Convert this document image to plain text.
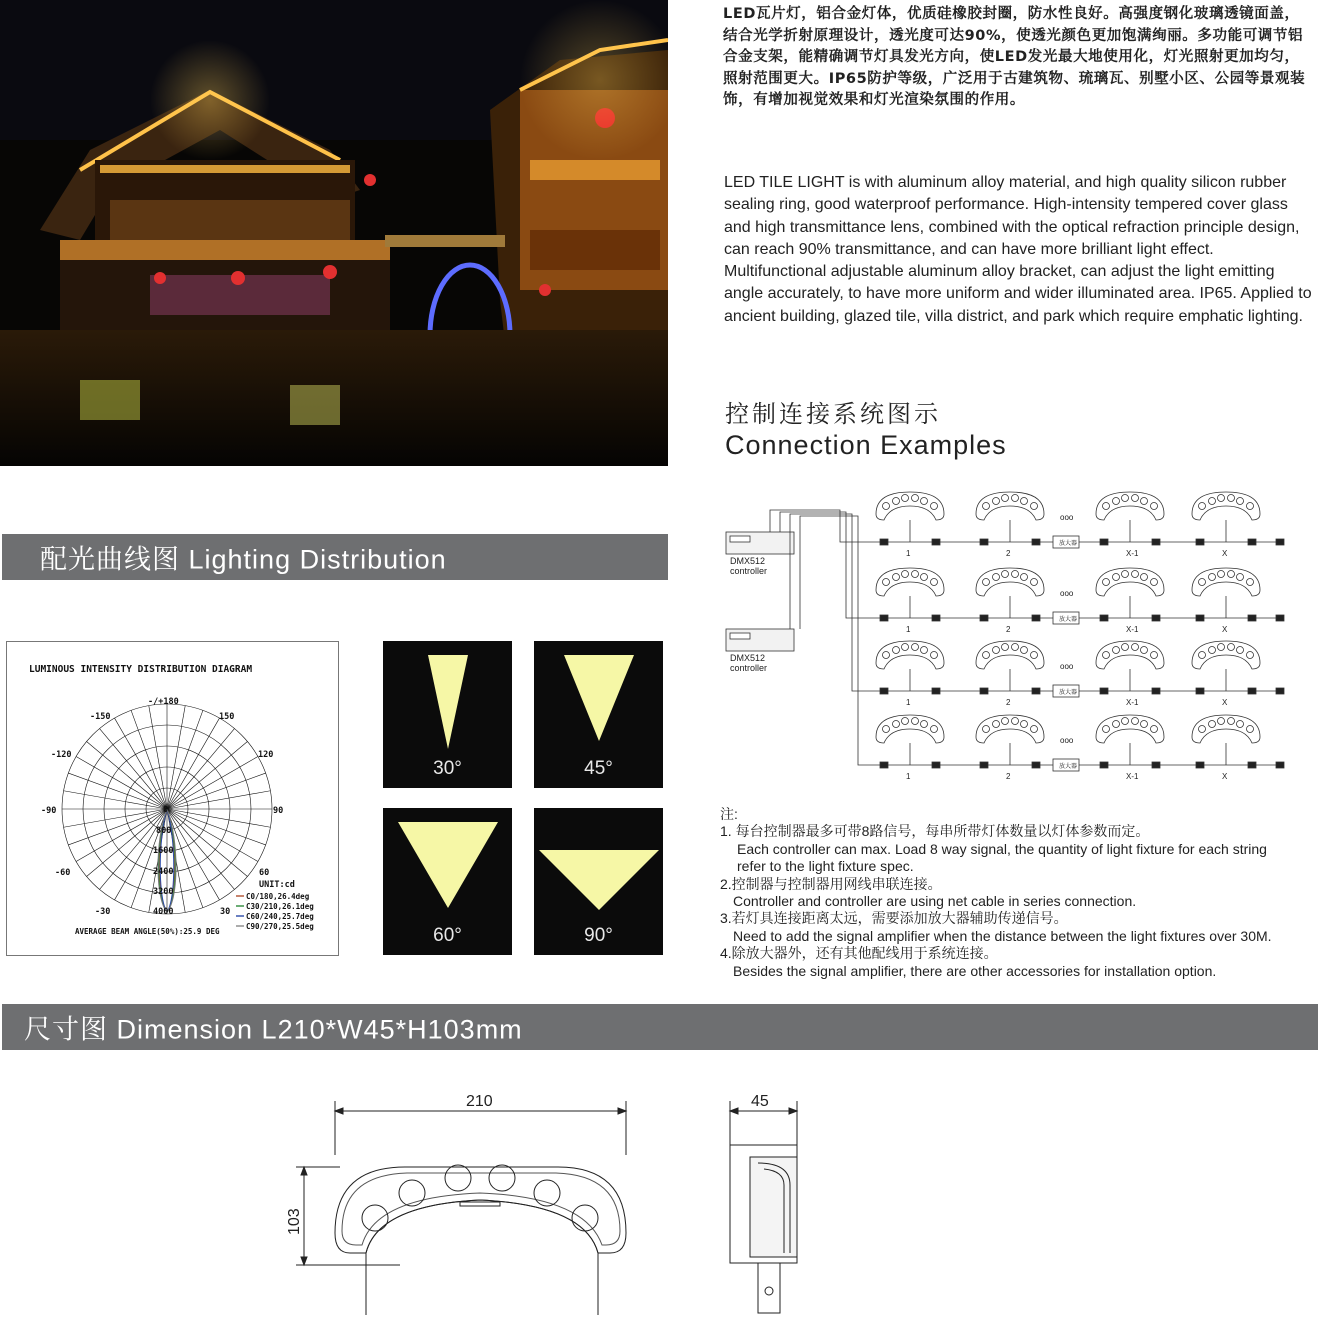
LED瓦片灯，铝合金灯体，优质硅橡胶封圈，防水性良好。高强度钢化玻璃透镜面盖，结合光学折射原理设计，透光度可达90%，使透光颜色更加饱满绚丽。多功能可调节铝合金支架，能精确调节灯具发光方向，使LED发光最大地使用化，灯光照射更加均匀，照射范围更大。IP65防护等级，广泛用于古建筑物、琉璃瓦、别墅小区、公园等景观装饰，有增加视觉效果和灯光渲染氛围的作用。

LED TILE LIGHT is with aluminum alloy material, and high quality silicon rubber sealing ring, good waterproof performance. High-intensity tempered cover glass and high transmittance lens, combined with the optical refraction principle design, can reach 90% transmittance, and can have more brilliant light effect. Multifunctional adjustable aluminum alloy bracket, can adjust the light emitting angle accurately, to have more uniform and wider illuminated area. IP65. Applied to ancient building, glazed tile, villa district, and park which require emphatic lighting.

控制连接系统图示
Connection Examples
DMX512
controller
DMX512
controller
放大器
ooo
1	2	X-1	X
放大器
ooo
1	2	X-1	X
放大器
ooo
1	2	X-1	X
放大器
ooo
1	2	X-1	X
注:
1. 每台控制器最多可带8路信号，每串所带灯体数量以灯体参数而定。
Each controller can max. Load 8 way signal, the quantity of light fixture for each string
refer to the light fixture spec.
2.控制器与控制器用网线串联连接。
Controller and controller are using net cable in series connection.
3.若灯具连接距离太远，需要添加放大器辅助传递信号。
Need to add the signal amplifier when the distance between the light fixtures over 30M.
4.除放大器外，还有其他配线用于系统连接。
Besides the signal amplifier, there are other accessories for installation option.
配光曲线图 Lighting Distribution
LUMINOUS INTENSITY DISTRIBUTION DIAGRAM
-/+180
-150	150
-120	120
-90	90
-60	60
-30	30
0
800
1600
2400
3200
4000
UNIT:cd
C0/180,26.4deg
C30/210,26.1deg
C60/240,25.7deg
C90/270,25.5deg
AVERAGE BEAM ANGLE(50%):25.9 DEG
30°	45°
60°	90°
尺寸图 Dimension L210*W45*H103mm
210	45
103
